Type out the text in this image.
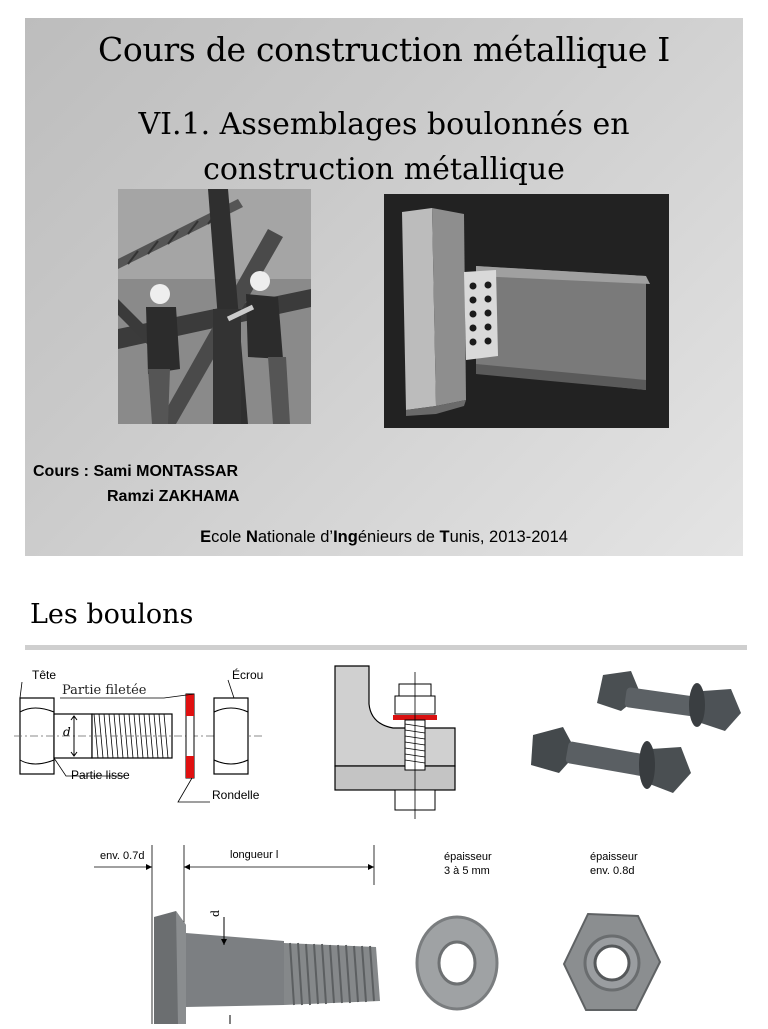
Cours de construction métallique I
VI.1. Assemblages boulonnés en
construction métallique
Cours : Sami MONTASSAR
Ramzi ZAKHAMA
Ecole Nationale d’Ingénieurs de Tunis, 2013-2014
Les boulons
Tête
Partie filetée
d
Partie lisse
Écrou
Rondelle
env. 0.7d	longueur l
d
épaisseur
3 à 5 mm
épaisseur
env. 0.8d
